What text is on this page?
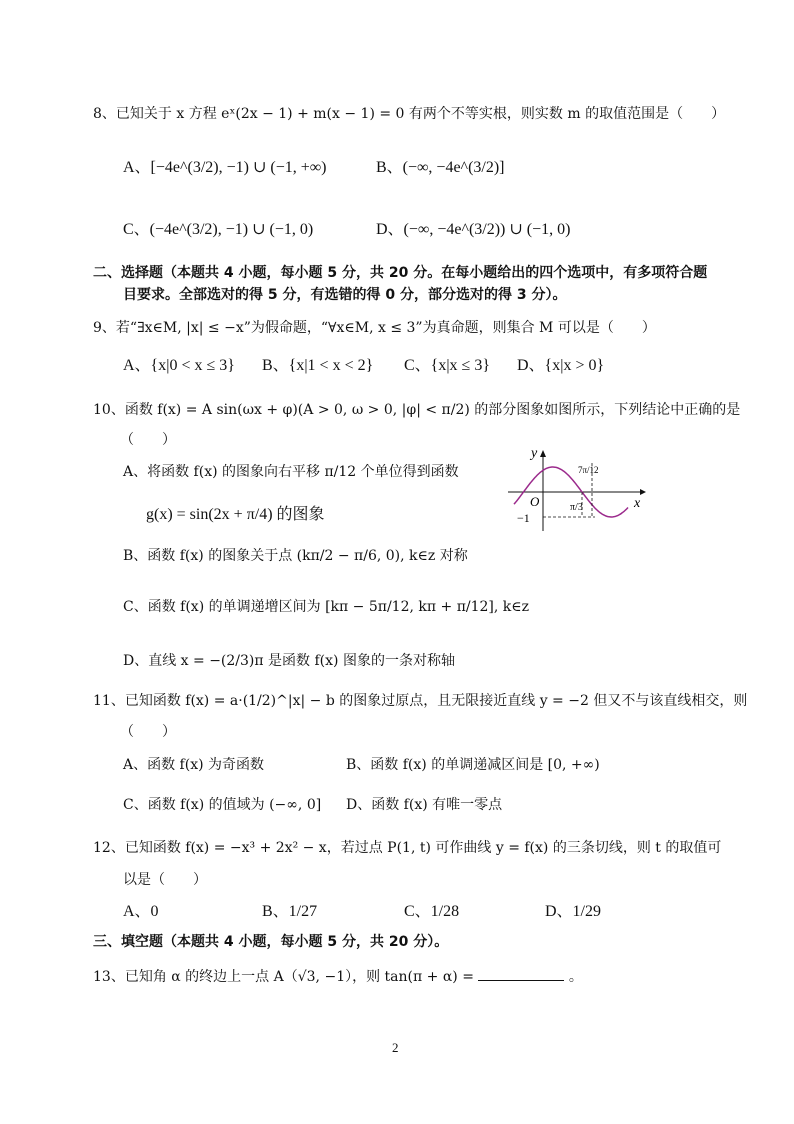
8、已知关于 x 方程 eˣ(2x − 1) + m(x − 1) = 0 有两个不等实根，则实数 m 的取值范围是（　　）
A、[−4e^(3/2), −1) ∪ (−1, +∞)	B、(−∞, −4e^(3/2)]
C、(−4e^(3/2), −1) ∪ (−1, 0)	D、(−∞, −4e^(3/2)) ∪ (−1, 0)
二、选择题（本题共 4 小题，每小题 5 分，共 20 分。在每小题给出的四个选项中，有多项符合题
目要求。全部选对的得 5 分，有选错的得 0 分，部分选对的得 3 分）。
9、若“∃x∈M, |x| ≤ −x”为假命题，“∀x∈M, x ≤ 3”为真命题，则集合 M 可以是（　　）
A、{x|0 < x ≤ 3} B、{x|1 < x < 2} C、{x|x ≤ 3} D、{x|x > 0}
10、函数 f(x) = A sin(ωx + φ)(A > 0, ω > 0, |φ| < π/2) 的部分图象如图所示，下列结论中正确的是
（　　）
A、将函数 f(x) 的图象向右平移 π/12 个单位得到函数
g(x) = sin(2x + π/4) 的图象
B、函数 f(x) 的图象关于点 (kπ/2 − π/6, 0), k∈z 对称
C、函数 f(x) 的单调递增区间为 [kπ − 5π/12, kπ + π/12], k∈z
D、直线 x = −(2/3)π 是函数 f(x) 图象的一条对称轴
y
x
O
−1
π/3
7π/12
11、已知函数 f(x) = a·(1/2)^|x| − b 的图象过原点，且无限接近直线 y = −2 但又不与该直线相交，则
（　　）
A、函数 f(x) 为奇函数	B、函数 f(x) 的单调递减区间是 [0, +∞)
C、函数 f(x) 的值域为 (−∞, 0] D、函数 f(x) 有唯一零点
12、已知函数 f(x) = −x³ + 2x² − x，若过点 P(1, t) 可作曲线 y = f(x) 的三条切线，则 t 的取值可
以是（　　）
A、0	B、1/27	C、1/28	D、1/29
三、填空题（本题共 4 小题，每小题 5 分，共 20 分）。
13、已知角 α 的终边上一点 A（√3, −1），则 tan(π + α) =	。
2
